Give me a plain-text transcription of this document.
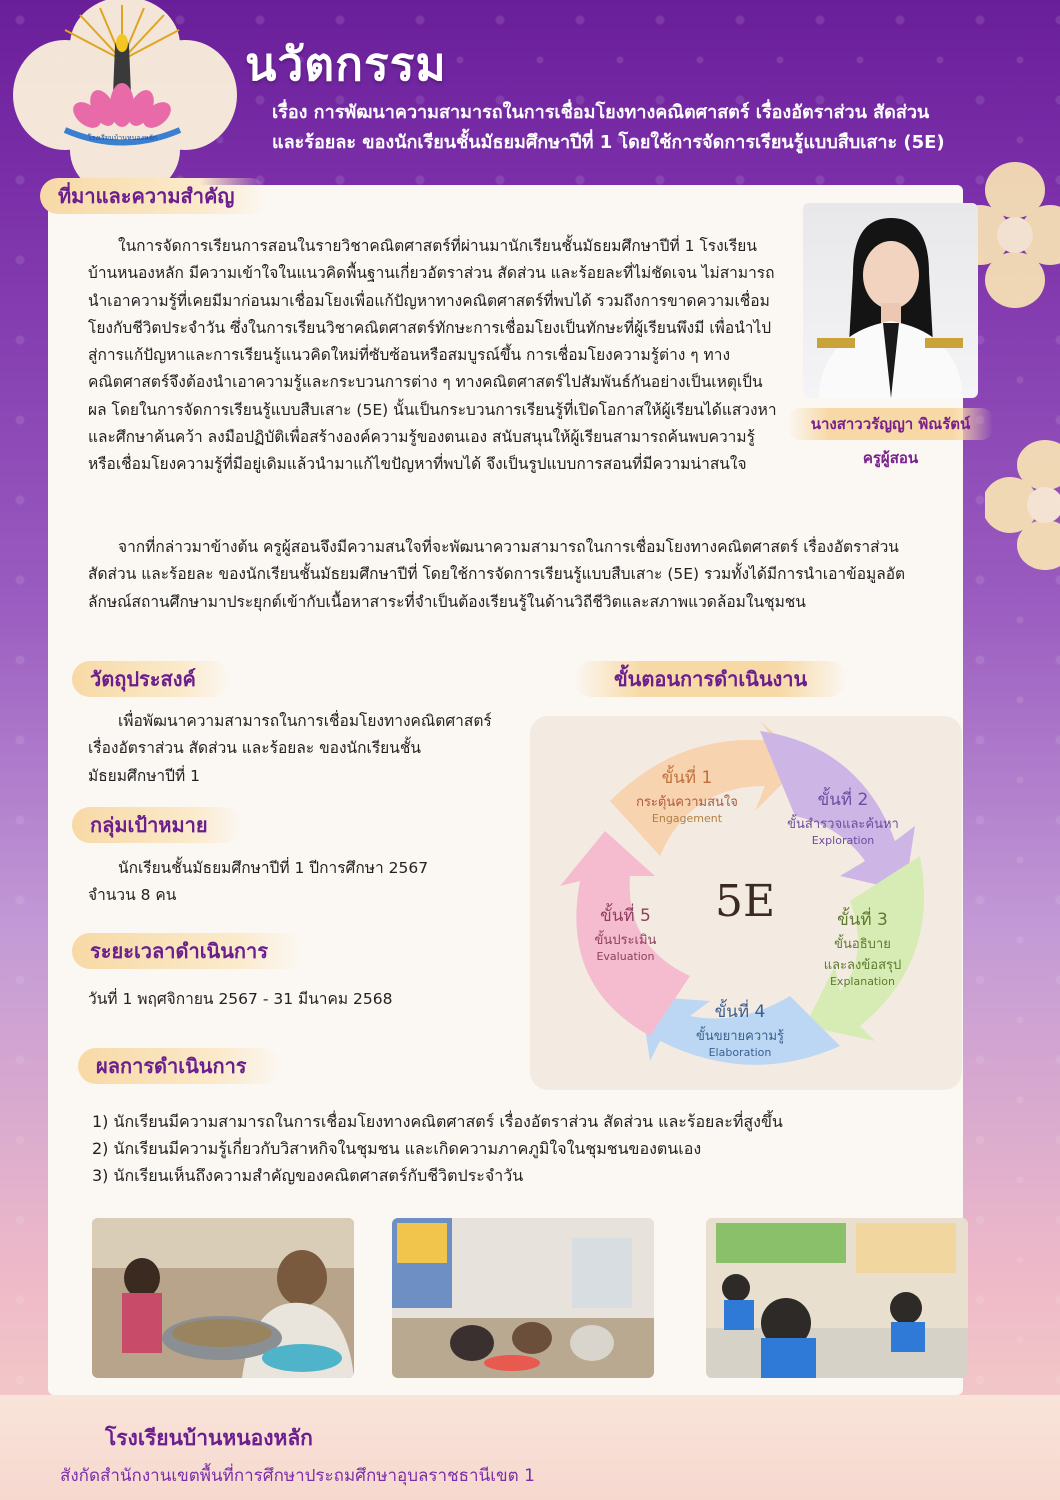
โรงเรียนบ้านหนองหลัก
นวัตกรรม
เรื่อง การพัฒนาความสามารถในการเชื่อมโยงทางคณิตศาสตร์ เรื่องอัตราส่วน สัดส่วน
และร้อยละ ของนักเรียนชั้นมัธยมศึกษาปีที่ 1 โดยใช้การจัดการเรียนรู้แบบสืบเสาะ (5E)
ที่มาและความสำคัญ
ในการจัดการเรียนการสอนในรายวิชาคณิตศาสตร์ที่ผ่านมานักเรียนชั้นมัธยมศึกษาปีที่ 1 โรงเรียนบ้านหนองหลัก มีความเข้าใจในแนวคิดพื้นฐานเกี่ยวอัตราส่วน สัดส่วน และร้อยละที่ไม่ชัดเจน ไม่สามารถนำเอาความรู้ที่เคยมีมาก่อนมาเชื่อมโยงเพื่อแก้ปัญหาทางคณิตศาสตร์ที่พบได้ รวมถึงการขาดความเชื่อมโยงกับชีวิตประจำวัน ซึ่งในการเรียนวิชาคณิตศาสตร์ทักษะการเชื่อมโยงเป็นทักษะที่ผู้เรียนพึงมี เพื่อนำไปสู่การแก้ปัญหาและการเรียนรู้แนวคิดใหม่ที่ซับซ้อนหรือสมบูรณ์ขึ้น การเชื่อมโยงความรู้ต่าง ๆ ทางคณิตศาสตร์จึงต้องนำเอาความรู้และกระบวนการต่าง ๆ ทางคณิตศาสตร์ไปสัมพันธ์กันอย่างเป็นเหตุเป็นผล โดยในการจัดการเรียนรู้แบบสืบเสาะ (5E) นั้นเป็นกระบวนการเรียนรู้ที่เปิดโอกาสให้ผู้เรียนได้แสวงหาและศึกษาค้นคว้า ลงมือปฏิบัติเพื่อสร้างองค์ความรู้ของตนเอง สนับสนุนให้ผู้เรียนสามารถค้นพบความรู้หรือเชื่อมโยงความรู้ที่มีอยู่เดิมแล้วนำมาแก้ไขปัญหาที่พบได้ จึงเป็นรูปแบบการสอนที่มีความน่าสนใจ
จากที่กล่าวมาข้างต้น ครูผู้สอนจึงมีความสนใจที่จะพัฒนาความสามารถในการเชื่อมโยงทางคณิตศาสตร์ เรื่องอัตราส่วน สัดส่วน และร้อยละ ของนักเรียนชั้นมัธยมศึกษาปีที่ โดยใช้การจัดการเรียนรู้แบบสืบเสาะ (5E) รวมทั้งได้มีการนำเอาข้อมูลอัตลักษณ์สถานศึกษามาประยุกต์เข้ากับเนื้อหาสาระที่จำเป็นต้องเรียนรู้ในด้านวิถีชีวิตและสภาพแวดล้อมในชุมชน
นางสาววรัญญา พิณรัตน์
ครูผู้สอน
วัตถุประสงค์
เพื่อพัฒนาความสามารถในการเชื่อมโยงทางคณิตศาสตร์ เรื่องอัตราส่วน สัดส่วน และร้อยละ ของนักเรียนชั้นมัธยมศึกษาปีที่ 1
กลุ่มเป้าหมาย
นักเรียนชั้นมัธยมศึกษาปีที่ 1 ปีการศึกษา 2567
จำนวน 8 คน
ระยะเวลาดำเนินการ
วันที่ 1 พฤศจิกายน 2567 - 31 มีนาคม 2568
ขั้นตอนการดำเนินงาน
5E
ขั้นที่ 1
กระตุ้นความสนใจ
Engagement
ขั้นที่ 2
ขั้นสำรวจและค้นหา
Exploration
ขั้นที่ 3
ขั้นอธิบาย
และลงข้อสรุป
Explanation
ขั้นที่ 4
ขั้นขยายความรู้
Elaboration
ขั้นที่ 5
ขั้นประเมิน
Evaluation
ผลการดำเนินการ
1) นักเรียนมีความสามารถในการเชื่อมโยงทางคณิตศาสตร์ เรื่องอัตราส่วน สัดส่วน และร้อยละที่สูงขึ้น
2) นักเรียนมีความรู้เกี่ยวกับวิสาหกิจในชุมชน และเกิดความภาคภูมิใจในชุมชนของตนเอง
3) นักเรียนเห็นถึงความสำคัญของคณิตศาสตร์กับชีวิตประจำวัน
โรงเรียนบ้านหนองหลัก
สังกัดสำนักงานเขตพื้นที่การศึกษาประถมศึกษาอุบลราชธานีเขต 1
